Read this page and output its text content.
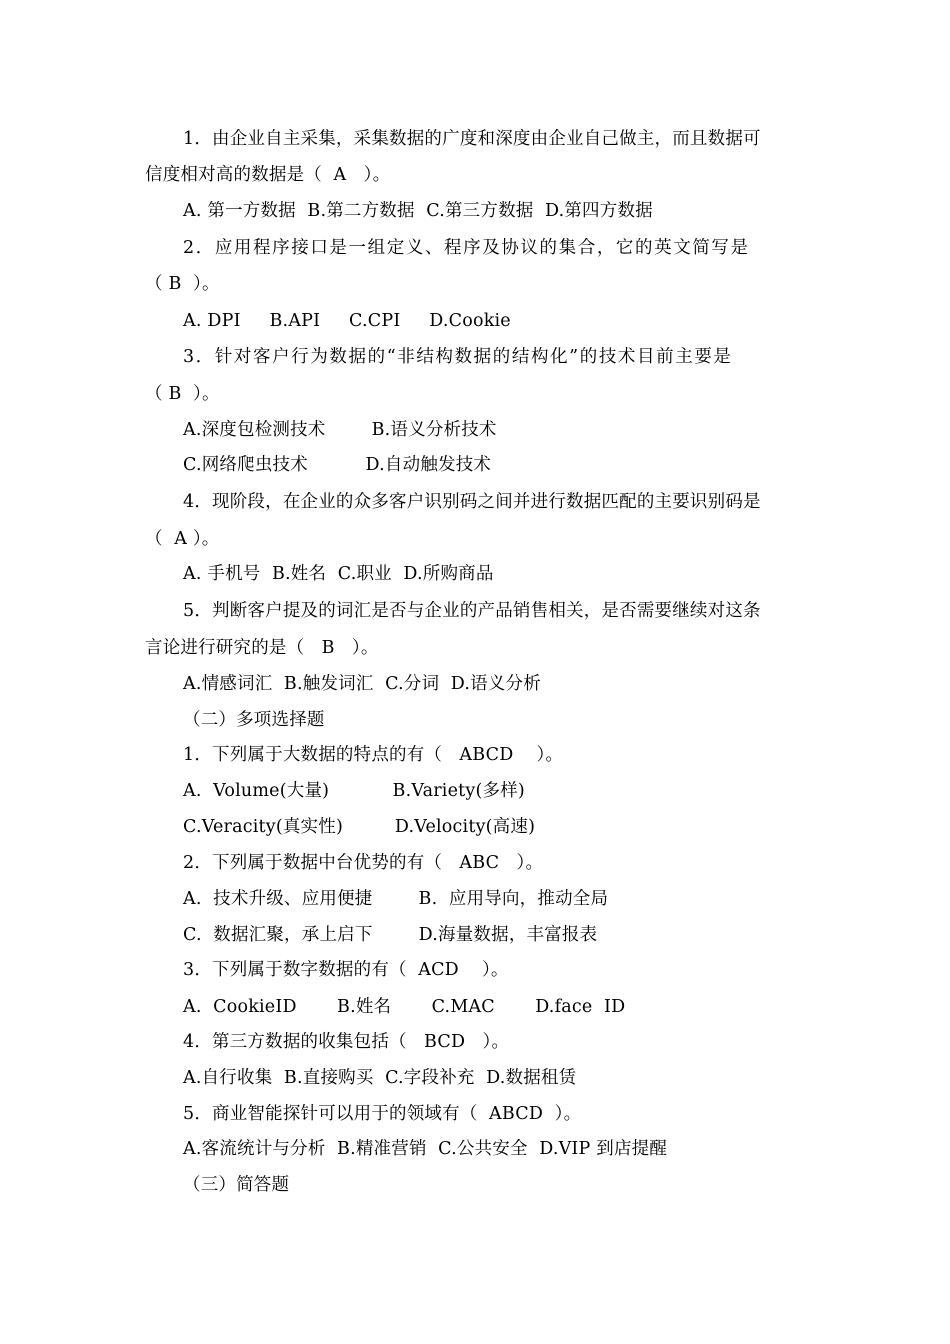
1．由企业自主采集，采集数据的广度和深度由企业自己做主，而且数据可
信度相对高的数据是（  A   ）。
A. 第一方数据  B.第二方数据  C.第三方数据  D.第四方数据
2．应用程序接口是一组定义、程序及协议的集合，它的英文简写是
（ B  ）。
A. DPI     B.API     C.CPI     D.Cookie
3．针对客户行为数据的“非结构数据的结构化”的技术目前主要是
（ B  ）。
A.深度包检测技术        B.语义分析技术
C.网络爬虫技术          D.自动触发技术
4．现阶段，在企业的众多客户识别码之间并进行数据匹配的主要识别码是
（  A ）。
A. 手机号  B.姓名  C.职业  D.所购商品
5．判断客户提及的词汇是否与企业的产品销售相关，是否需要继续对这条
言论进行研究的是（   B   ）。
A.情感词汇  B.触发词汇  C.分词  D.语义分析
（二）多项选择题
1．下列属于大数据的特点的有（   ABCD    ）。
A.  Volume(大量)           B.Variety(多样)
C.Veracity(真实性)         D.Velocity(高速)
2．下列属于数据中台优势的有（   ABC   ）。
A.  技术升级、应用便捷        B.  应用导向，推动全局
C.  数据汇聚，承上启下        D.海量数据，丰富报表
3．下列属于数字数据的有（  ACD    ）。
A.  CookieID       B.姓名       C.MAC       D.face  ID
4．第三方数据的收集包括（   BCD   ）。
A.自行收集  B.直接购买  C.字段补充  D.数据租赁
5．商业智能探针可以用于的领域有（  ABCD  ）。
A.客流统计与分析  B.精准营销  C.公共安全  D.VIP 到店提醒
（三）简答题
